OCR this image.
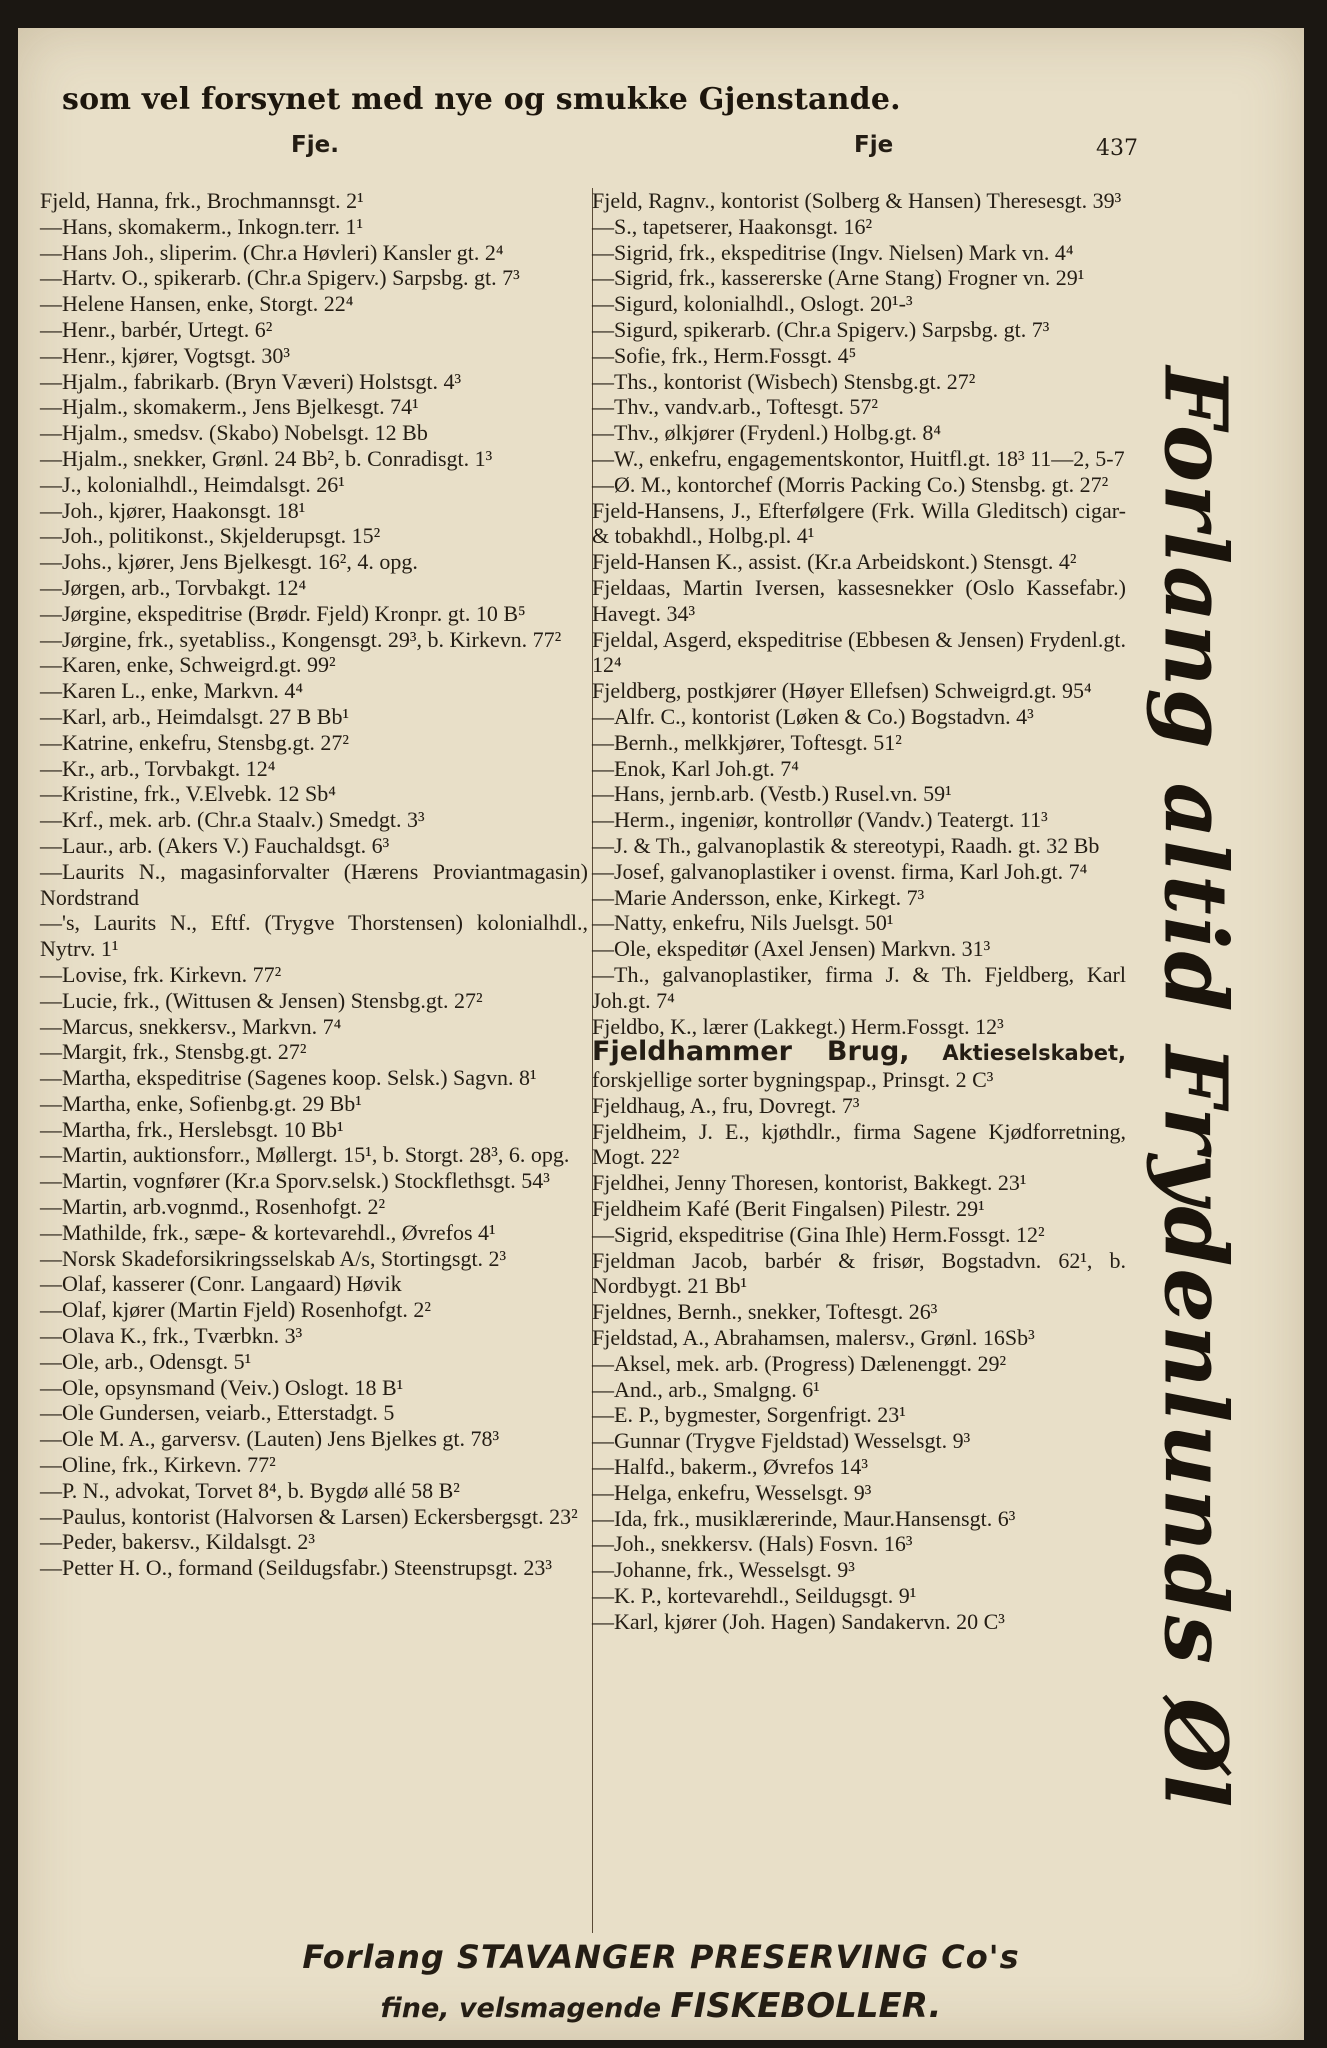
som vel forsynet med nye og smukke Gjenstande.
Fje.	Fje	437

Fjeld, Hanna, frk., Brochmannsgt. 2¹

—Hans, skomakerm., Inkogn.terr. 1¹

—Hans Joh., sliperim. (Chr.a Høvleri) Kansler gt. 2⁴

—Hartv. O., spikerarb. (Chr.a Spigerv.) Sarpsbg. gt. 7³

—Helene Hansen, enke, Storgt. 22⁴

—Henr., barbér, Urtegt. 6²

—Henr., kjører, Vogtsgt. 30³

—Hjalm., fabrikarb. (Bryn Væveri) Holstsgt. 4³

—Hjalm., skomakerm., Jens Bjelkesgt. 74¹

—Hjalm., smedsv. (Skabo) Nobelsgt. 12 Bb

—Hjalm., snekker, Grønl. 24 Bb², b. Conradisgt. 1³

—J., kolonialhdl., Heimdalsgt. 26¹

—Joh., kjører, Haakonsgt. 18¹

—Joh., politikonst., Skjelderupsgt. 15²

—Johs., kjører, Jens Bjelkesgt. 16², 4. opg.

—Jørgen, arb., Torvbakgt. 12⁴

—Jørgine, ekspeditrise (Brødr. Fjeld) Kronpr. gt. 10 B⁵

—Jørgine, frk., syetabliss., Kongensgt. 29³, b. Kirkevn. 77²

—Karen, enke, Schweigrd.gt. 99²

—Karen L., enke, Markvn. 4⁴

—Karl, arb., Heimdalsgt. 27 B Bb¹

—Katrine, enkefru, Stensbg.gt. 27²

—Kr., arb., Torvbakgt. 12⁴

—Kristine, frk., V.Elvebk. 12 Sb⁴

—Krf., mek. arb. (Chr.a Staalv.) Smedgt. 3³

—Laur., arb. (Akers V.) Fauchaldsgt. 6³

—Laurits N., magasinforvalter (Hærens Proviantmagasin) Nordstrand

—'s, Laurits N., Eftf. (Trygve Thorstensen) kolonialhdl., Nytrv. 1¹

—Lovise, frk. Kirkevn. 77²

—Lucie, frk., (Wittusen & Jensen) Stensbg.gt. 27²

—Marcus, snekkersv., Markvn. 7⁴

—Margit, frk., Stensbg.gt. 27²

—Martha, ekspeditrise (Sagenes koop. Selsk.) Sagvn. 8¹

—Martha, enke, Sofienbg.gt. 29 Bb¹

—Martha, frk., Herslebsgt. 10 Bb¹

—Martin, auktionsforr., Møllergt. 15¹, b. Storgt. 28³, 6. opg.

—Martin, vognfører (Kr.a Sporv.selsk.) Stockflethsgt. 54³

—Martin, arb.vognmd., Rosenhofgt. 2²

—Mathilde, frk., sæpe- & kortevarehdl., Øvrefos 4¹

—Norsk Skadeforsikringsselskab A/s, Stortingsgt. 2³

—Olaf, kasserer (Conr. Langaard) Høvik

—Olaf, kjører (Martin Fjeld) Rosenhofgt. 2²

—Olava K., frk., Tværbkn. 3³

—Ole, arb., Odensgt. 5¹

—Ole, opsynsmand (Veiv.) Oslogt. 18 B¹

—Ole Gundersen, veiarb., Etterstadgt. 5

—Ole M. A., garversv. (Lauten) Jens Bjelkes gt. 78³

—Oline, frk., Kirkevn. 77²

—P. N., advokat, Torvet 8⁴, b. Bygdø allé 58 B²

—Paulus, kontorist (Halvorsen & Larsen) Eckersbergsgt. 23²

—Peder, bakersv., Kildalsgt. 2³

—Petter H. O., formand (Seildugsfabr.) Steenstrupsgt. 23³

Fjeld, Ragnv., kontorist (Solberg & Hansen) Theresesgt. 39³

—S., tapetserer, Haakonsgt. 16²

—Sigrid, frk., ekspeditrise (Ingv. Nielsen) Mark vn. 4⁴

—Sigrid, frk., kassererske (Arne Stang) Frogner vn. 29¹

—Sigurd, kolonialhdl., Oslogt. 20¹-³

—Sigurd, spikerarb. (Chr.a Spigerv.) Sarpsbg. gt. 7³

—Sofie, frk., Herm.Fossgt. 4⁵

—Ths., kontorist (Wisbech) Stensbg.gt. 27²

—Thv., vandv.arb., Toftesgt. 57²

—Thv., ølkjører (Frydenl.) Holbg.gt. 8⁴

—W., enkefru, engagementskontor, Huitfl.gt. 18³ 11—2, 5-7

—Ø. M., kontorchef (Morris Packing Co.) Stensbg. gt. 27²

Fjeld-Hansens, J., Efterfølgere (Frk. Willa Gleditsch) cigar- & tobakhdl., Holbg.pl. 4¹

Fjeld-Hansen K., assist. (Kr.a Arbeidskont.) Stensgt. 4²

Fjeldaas, Martin Iversen, kassesnekker (Oslo Kassefabr.) Havegt. 34³

Fjeldal, Asgerd, ekspeditrise (Ebbesen & Jensen) Frydenl.gt. 12⁴

Fjeldberg, postkjører (Høyer Ellefsen) Schweigrd.gt. 95⁴

—Alfr. C., kontorist (Løken & Co.) Bogstadvn. 4³

—Bernh., melkkjører, Toftesgt. 51²

—Enok, Karl Joh.gt. 7⁴

—Hans, jernb.arb. (Vestb.) Rusel.vn. 59¹

—Herm., ingeniør, kontrollør (Vandv.) Teatergt. 11³

—J. & Th., galvanoplastik & stereotypi, Raadh. gt. 32 Bb

—Josef, galvanoplastiker i ovenst. firma, Karl Joh.gt. 7⁴

—Marie Andersson, enke, Kirkegt. 7³

—Natty, enkefru, Nils Juelsgt. 50¹

—Ole, ekspeditør (Axel Jensen) Markvn. 31³

—Th., galvanoplastiker, firma J. & Th. Fjeldberg, Karl Joh.gt. 7⁴

Fjeldbo, K., lærer (Lakkegt.) Herm.Fossgt. 12³

Fjeldhammer Brug, Aktieselskabet, forskjellige sorter bygningspap., Prinsgt. 2 C³

Fjeldhaug, A., fru, Dovregt. 7³

Fjeldheim, J. E., kjøthdlr., firma Sagene Kjødforretning, Mogt. 22²

Fjeldhei, Jenny Thoresen, kontorist, Bakkegt. 23¹

Fjeldheim Kafé (Berit Fingalsen) Pilestr. 29¹

—Sigrid, ekspeditrise (Gina Ihle) Herm.Fossgt. 12²

Fjeldman Jacob, barbér & frisør, Bogstadvn. 62¹, b. Nordbygt. 21 Bb¹

Fjeldnes, Bernh., snekker, Toftesgt. 26³

Fjeldstad, A., Abrahamsen, malersv., Grønl. 16Sb³

—Aksel, mek. arb. (Progress) Dælenenggt. 29²

—And., arb., Smalgng. 6¹

—E. P., bygmester, Sorgenfrigt. 23¹

—Gunnar (Trygve Fjeldstad) Wesselsgt. 9³

—Halfd., bakerm., Øvrefos 14³

—Helga, enkefru, Wesselsgt. 9³

—Ida, frk., musiklærerinde, Maur.Hansensgt. 6³

—Joh., snekkersv. (Hals) Fosvn. 16³

—Johanne, frk., Wesselsgt. 9³

—K. P., kortevarehdl., Seildugsgt. 9¹

—Karl, kjører (Joh. Hagen) Sandakervn. 20 C³	Forlang altid Frydenlunds Øl
Forlang STAVANGER PRESERVING Co's
fine, velsmagende FISKEBOLLER.
